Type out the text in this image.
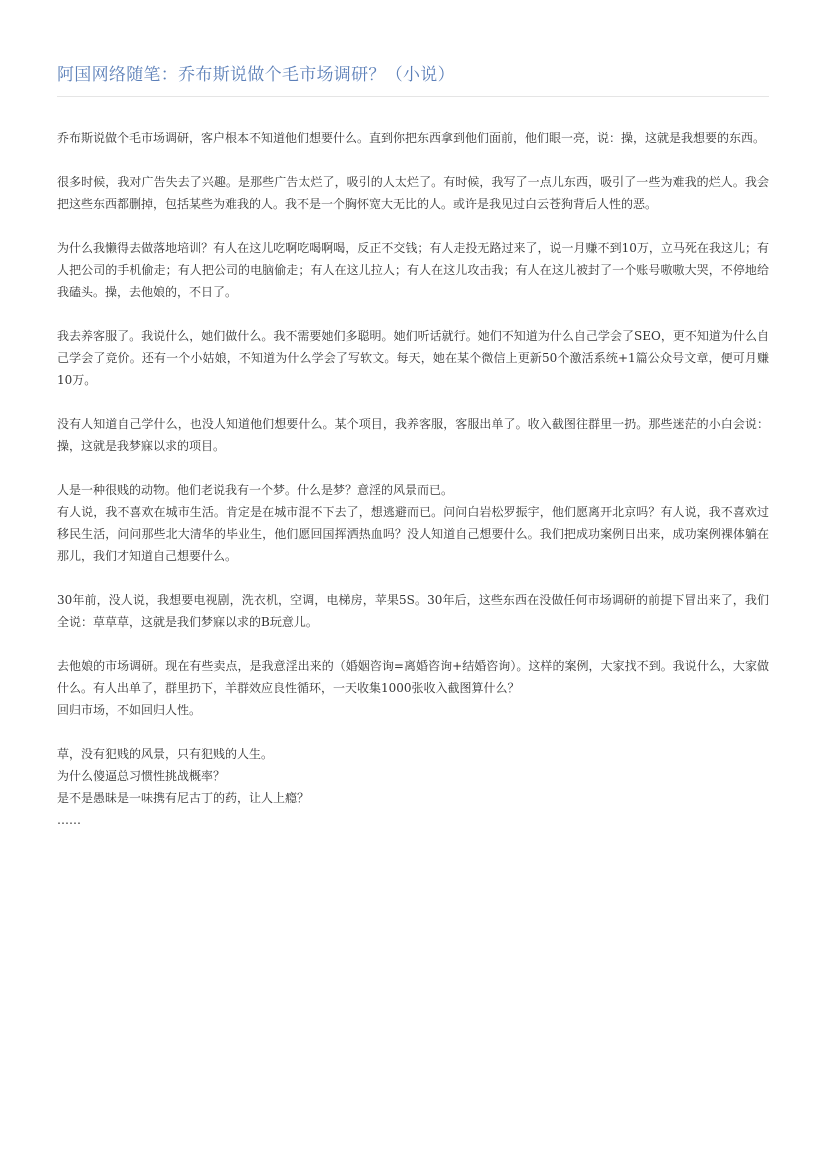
阿国网络随笔：乔布斯说做个毛市场调研？（小说）

乔布斯说做个毛市场调研，客户根本不知道他们想要什么。直到你把东西拿到他们面前，他们眼一亮，说：操，这就是我想要的东西。

很多时候，我对广告失去了兴趣。是那些广告太烂了，吸引的人太烂了。有时候，我写了一点儿东西，吸引了一些为难我的烂人。我会把这些东西都删掉，包括某些为难我的人。我不是一个胸怀宽大无比的人。或许是我见过白云苍狗背后人性的恶。

为什么我懒得去做落地培训？有人在这儿吃啊吃喝啊喝，反正不交钱；有人走投无路过来了，说一月赚不到10万，立马死在我这儿；有人把公司的手机偷走；有人把公司的电脑偷走；有人在这儿拉人；有人在这儿攻击我；有人在这儿被封了一个账号嗷嗷大哭，不停地给我磕头。操，去他娘的，不日了。

我去养客服了。我说什么，她们做什么。我不需要她们多聪明。她们听话就行。她们不知道为什么自己学会了SEO，更不知道为什么自己学会了竞价。还有一个小姑娘，不知道为什么学会了写软文。每天，她在某个微信上更新50个激活系统+1篇公众号文章，便可月赚10万。

没有人知道自己学什么，也没人知道他们想要什么。某个项目，我养客服，客服出单了。收入截图往群里一扔。那些迷茫的小白会说：操，这就是我梦寐以求的项目。

人是一种很贱的动物。他们老说我有一个梦。什么是梦？意淫的风景而已。
有人说，我不喜欢在城市生活。肯定是在城市混不下去了，想逃避而已。问问白岩松罗振宇，他们愿离开北京吗？有人说，我不喜欢过移民生活，问问那些北大清华的毕业生，他们愿回国挥洒热血吗？没人知道自己想要什么。我们把成功案例日出来，成功案例裸体躺在那儿，我们才知道自己想要什么。

30年前，没人说，我想要电视剧，洗衣机，空调，电梯房，苹果5S。30年后，这些东西在没做任何市场调研的前提下冒出来了，我们全说：草草草，这就是我们梦寐以求的B玩意儿。

去他娘的市场调研。现在有些卖点，是我意淫出来的（婚姻咨询=离婚咨询+结婚咨询）。这样的案例，大家找不到。我说什么，大家做什么。有人出单了，群里扔下，羊群效应良性循环，一天收集1000张收入截图算什么？
回归市场，不如回归人性。

草，没有犯贱的风景，只有犯贱的人生。
为什么傻逼总习惯性挑战概率？
是不是愚昧是一味携有尼古丁的药，让人上瘾？
……
